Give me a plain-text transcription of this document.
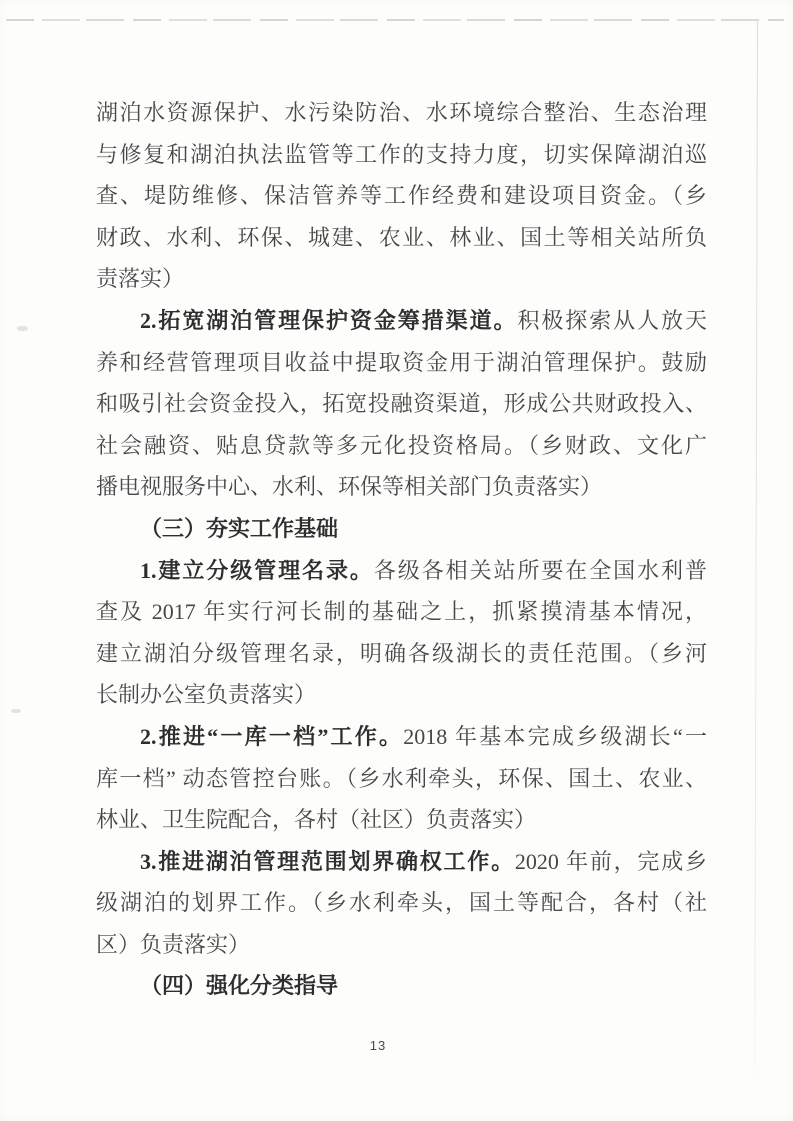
湖泊水资源保护、水污染防治、水环境综合整治、生态治理

与修复和湖泊执法监管等工作的支持力度，切实保障湖泊巡

查、堤防维修、保洁管养等工作经费和建设项目资金。（乡

财政、水利、环保、城建、农业、林业、国土等相关站所负

责落实）

2.拓宽湖泊管理保护资金筹措渠道。积极探索从人放天

养和经营管理项目收益中提取资金用于湖泊管理保护。鼓励

和吸引社会资金投入，拓宽投融资渠道，形成公共财政投入、

社会融资、贴息贷款等多元化投资格局。（乡财政、文化广

播电视服务中心、水利、环保等相关部门负责落实）

（三）夯实工作基础

1.建立分级管理名录。各级各相关站所要在全国水利普

查及 2017 年实行河长制的基础之上，抓紧摸清基本情况，

建立湖泊分级管理名录，明确各级湖长的责任范围。（乡河

长制办公室负责落实）

2.推进“一库一档”工作。2018 年基本完成乡级湖长“一

库一档” 动态管控台账。（乡水利牵头，环保、国土、农业、

林业、卫生院配合，各村（社区）负责落实）

3.推进湖泊管理范围划界确权工作。2020 年前，完成乡

级湖泊的划界工作。（乡水利牵头，国土等配合，各村（社

区）负责落实）

（四）强化分类指导

13
